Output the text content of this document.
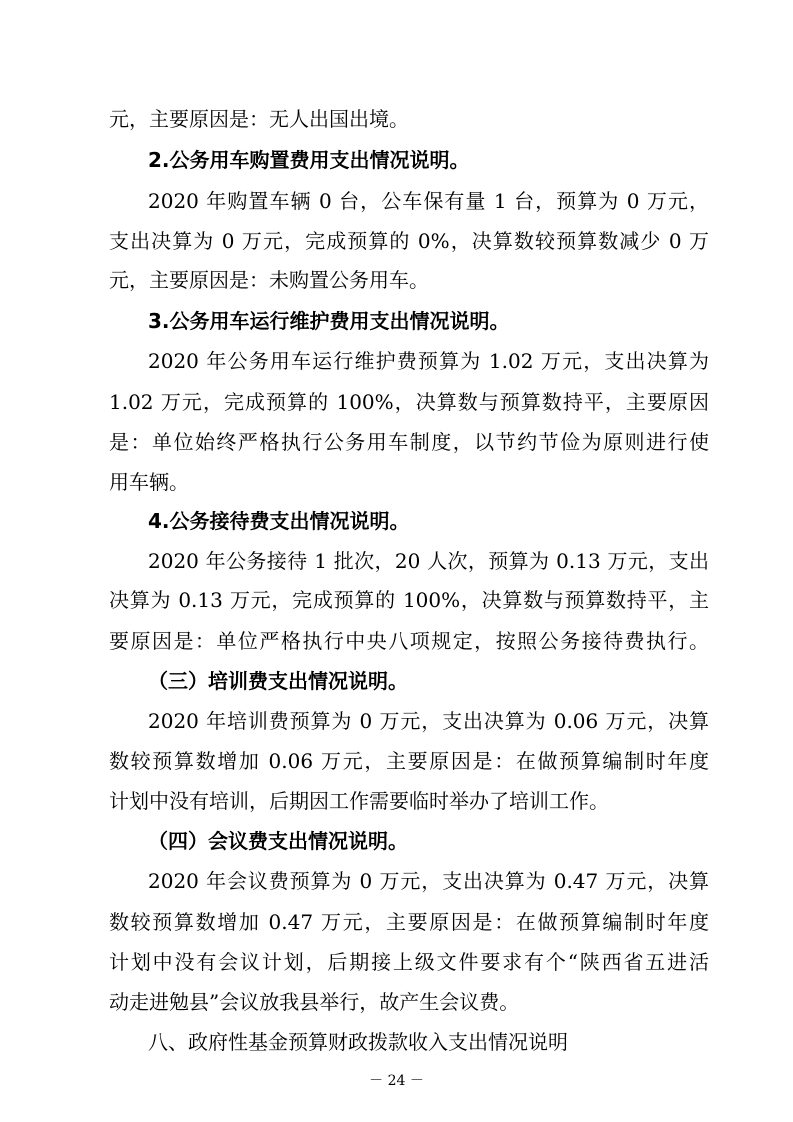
元，主要原因是：无人出国出境。
2.公务用车购置费用支出情况说明。
2020 年购置车辆 0 台，公车保有量 1 台，预算为 0 万元，
支出决算为 0 万元，完成预算的 0%，决算数较预算数减少 0 万
元，主要原因是：未购置公务用车。
3.公务用车运行维护费用支出情况说明。
2020 年公务用车运行维护费预算为 1.02 万元，支出决算为
1.02 万元，完成预算的 100%，决算数与预算数持平，主要原因
是：单位始终严格执行公务用车制度，以节约节俭为原则进行使
用车辆。
4.公务接待费支出情况说明。
2020 年公务接待 1 批次，20 人次，预算为 0.13 万元，支出
决算为 0.13 万元，完成预算的 100%，决算数与预算数持平，主
要原因是：单位严格执行中央八项规定，按照公务接待费执行。
（三）培训费支出情况说明。
2020 年培训费预算为 0 万元，支出决算为 0.06 万元，决算
数较预算数增加 0.06 万元，主要原因是：在做预算编制时年度
计划中没有培训，后期因工作需要临时举办了培训工作。
（四）会议费支出情况说明。
2020 年会议费预算为 0 万元，支出决算为 0.47 万元，决算
数较预算数增加 0.47 万元，主要原因是：在做预算编制时年度
计划中没有会议计划，后期接上级文件要求有个“陕西省五进活
动走进勉县”会议放我县举行，故产生会议费。
八、政府性基金预算财政拨款收入支出情况说明
－ 24 －
